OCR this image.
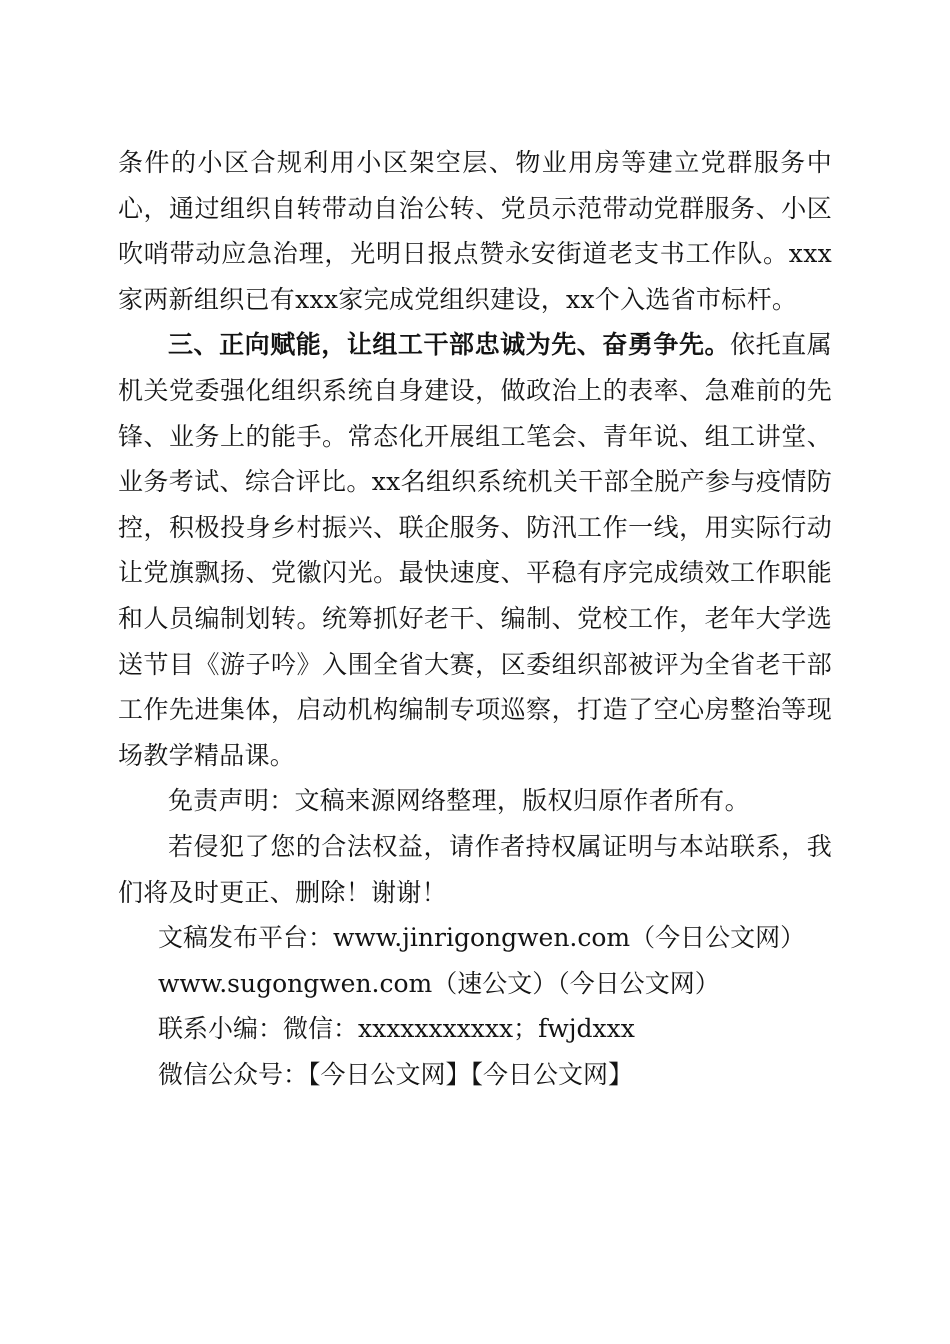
条件的小区合规利用小区架空层、物业用房等建立党群服务中心，通过组织自转带动自治公转、党员示范带动党群服务、小区吹哨带动应急治理，光明日报点赞永安街道老支书工作队。xxx家两新组织已有xxx家完成党组织建设，xx个入选省市标杆。

三、正向赋能，让组工干部忠诚为先、奋勇争先。依托直属机关党委强化组织系统自身建设，做政治上的表率、急难前的先锋、业务上的能手。常态化开展组工笔会、青年说、组工讲堂、业务考试、综合评比。xx名组织系统机关干部全脱产参与疫情防控，积极投身乡村振兴、联企服务、防汛工作一线，用实际行动让党旗飘扬、党徽闪光。最快速度、平稳有序完成绩效工作职能和人员编制划转。统筹抓好老干、编制、党校工作，老年大学选送节目《游子吟》入围全省大赛，区委组织部被评为全省老干部工作先进集体，启动机构编制专项巡察，打造了空心房整治等现场教学精品课。

免责声明：文稿来源网络整理，版权归原作者所有。

若侵犯了您的合法权益，请作者持权属证明与本站联系，我们将及时更正、删除！谢谢！

文稿发布平台：www.jinrigongwen.com（今日公文网）

www.sugongwen.com（速公文）（今日公文网）

联系小编：微信：xxxxxxxxxxx；fwjdxxx

微信公众号：【今日公文网】【今日公文网】
